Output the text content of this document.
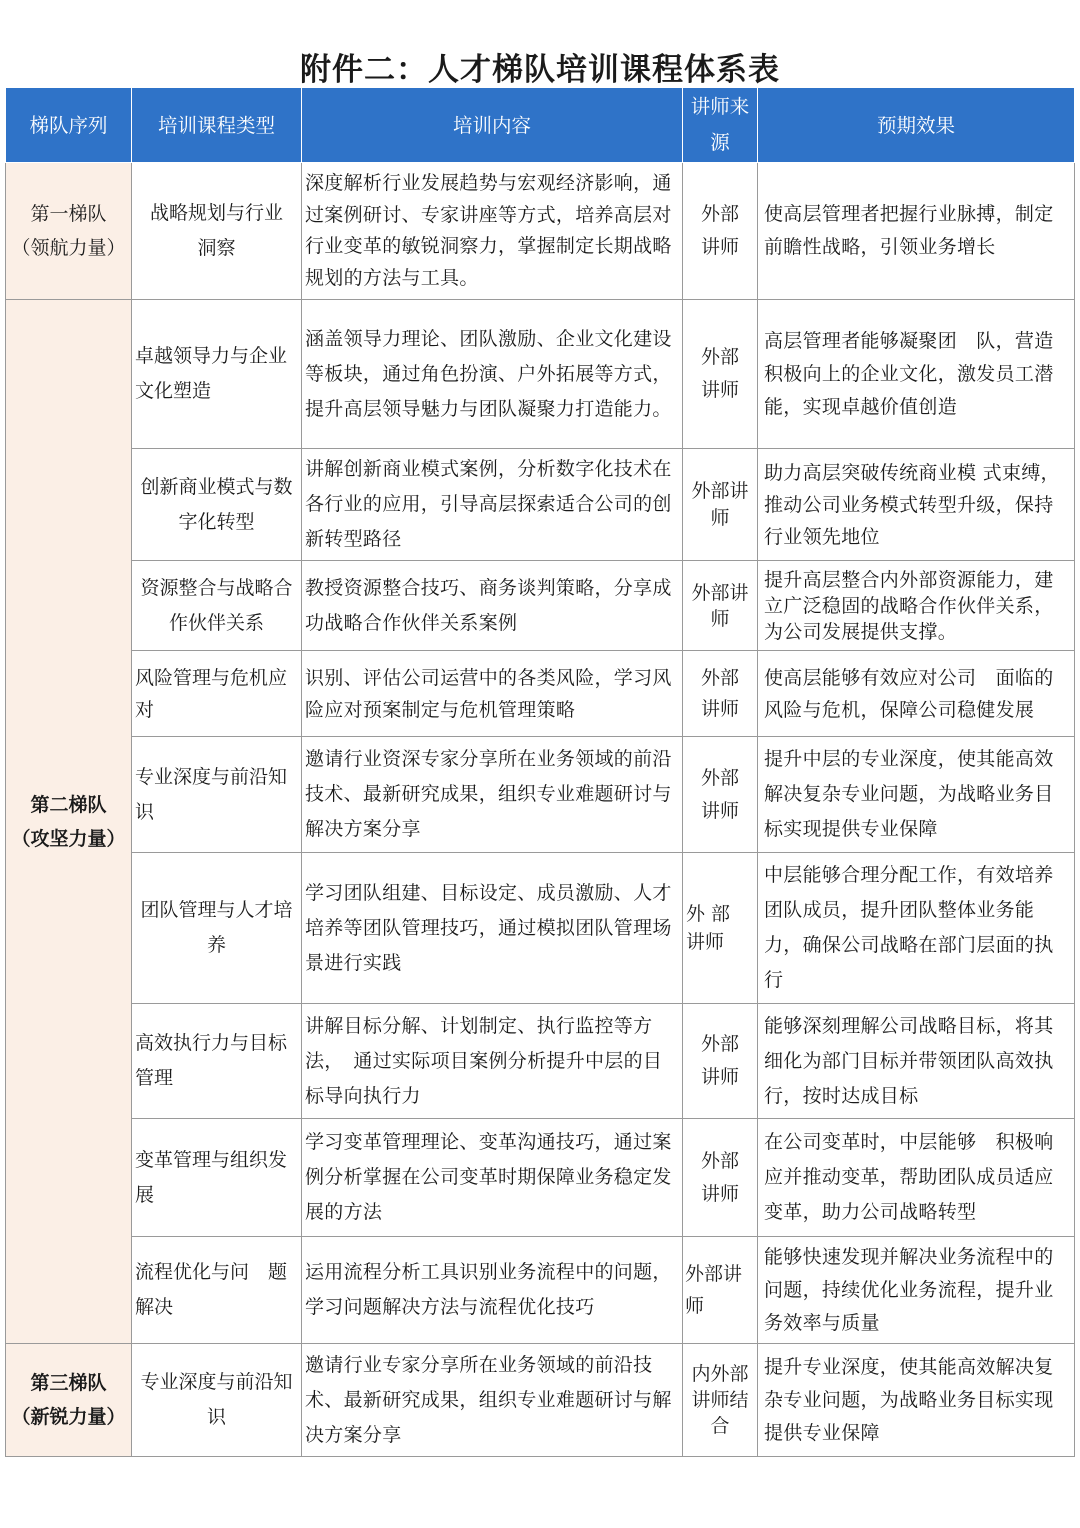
附件二：人才梯队培训课程体系表
梯队序列	培训课程类型	培训内容	讲师来源	预期效果

第一梯队
（领航力量）	战略规划与行业洞察	深度解析行业发展趋势与宏观经济影响，通过案例研讨、专家讲座等方式，培养高层对行业变革的敏锐洞察力，掌握制定长期战略规划的方法与工具。	外部讲师	使高层管理者把握行业脉搏，制定前瞻性战略，引领业务增长

第二梯队
（攻坚力量）	卓越领导力与企业文化塑造	涵盖领导力理论、团队激励、企业文化建设等板块，通过角色扮演、户外拓展等方式，提升高层领导魅力与团队凝聚力打造能力。	外部讲师	高层管理者能够凝聚团　队，营造积极向上的企业文化，激发员工潜能，实现卓越价值创造
	创新商业模式与数字化转型	讲解创新商业模式案例，分析数字化技术在各行业的应用，引导高层探索适合公司的创新转型路径	外部讲师	助力高层突破传统商业模 式束缚，推动公司业务模式转型升级，保持行业领先地位
	资源整合与战略合作伙伴关系	教授资源整合技巧、商务谈判策略，分享成功战略合作伙伴关系案例	外部讲师	提升高层整合内外部资源能力，建立广泛稳固的战略合作伙伴关系，为公司发展提供支撑。
	风险管理与危机应对	识别、评估公司运营中的各类风险，学习风 险应对预案制定与危机管理策略	外部讲师	使高层能够有效应对公司　面临的风险与危机，保障公司稳健发展
	专业深度与前沿知识	邀请行业资深专家分享所在业务领域的前沿技术、最新研究成果，组织专业难题研讨与解决方案分享	外部讲师	提升中层的专业深度，使其能高效解决复杂专业问题，为战略业务目标实现提供专业保障
	团队管理与人才培养	学习团队组建、目标设定、成员激励、人才培养等团队管理技巧，通过模拟团队管理场景进行实践	外 部 讲师	中层能够合理分配工作，有效培养团队成员，提升团队整体业务能力，确保公司战略在部门层面的执行
	高效执行力与目标管理	讲解目标分解、计划制定、执行监控等方法，　通过实际项目案例分析提升中层的目标导向执行力	外部讲师	能够深刻理解公司战略目标，将其细化为部门目标并带领团队高效执行，按时达成目标
	变革管理与组织发展	学习变革管理理论、变革沟通技巧，通过案　例分析掌握在公司变革时期保障业务稳定发　展的方法	外部讲师	在公司变革时，中层能够　积极响应并推动变革，帮助团队成员适应变革，助力公司战略转型
	流程优化与问　题解决	运用流程分析工具识别业务流程中的问题，　学习问题解决方法与流程优化技巧	外部讲师	能够快速发现并解决业务流程中的问题，持续优化业务流程，提升业务效率与质量

第三梯队
（新锐力量）	专业深度与前沿知识	邀请行业专家分享所在业务领域的前沿技术、最新研究成果，组织专业难题研讨与解　决方案分享	内外部讲师结合	提升专业深度，使其能高效解决复杂专业问题，为战略业务目标实现提供专业保障
